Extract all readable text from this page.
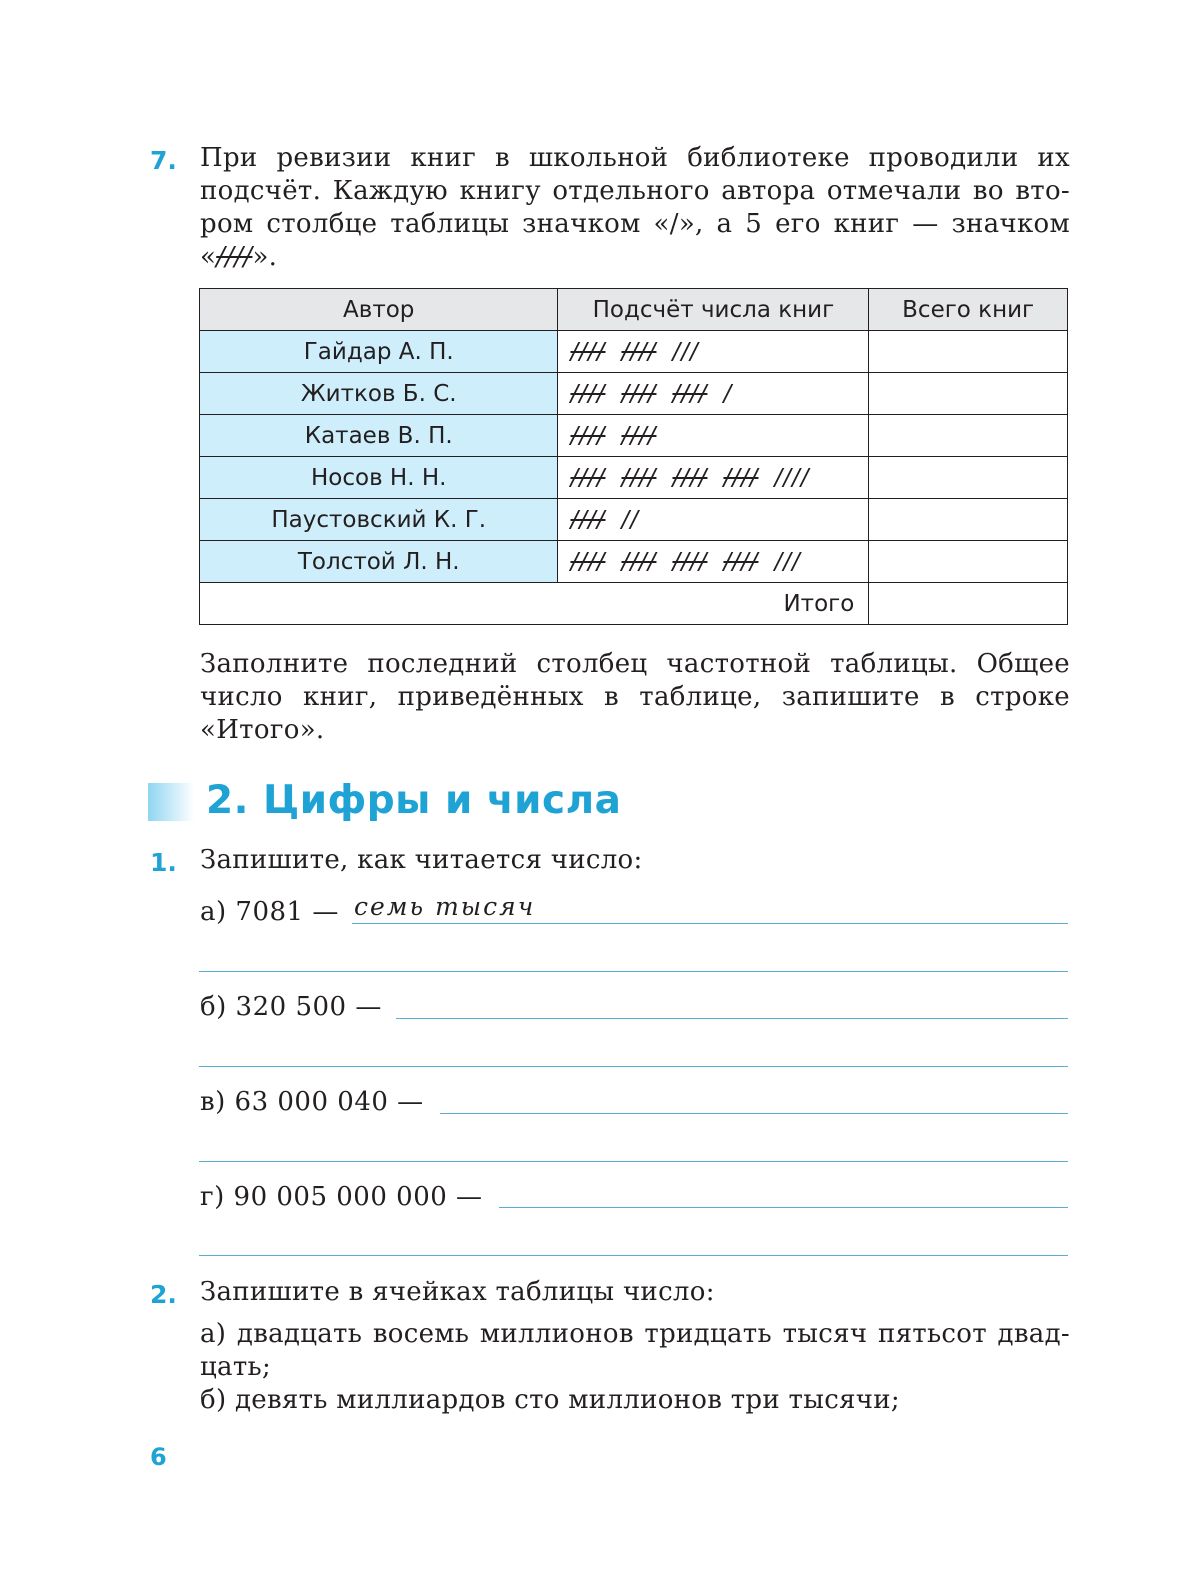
7. При ревизии книг в школьной библиотеке проводили их
подсчёт. Каждую книгу отдельного автора отмечали во вто-
ром столбце таблицы значком «/», а 5 его книг — значком
«////».
Автор	Подсчёт числа книг	Всего книг
Гайдар А. П.	//// //// ///	
Житков Б. С.	//// //// //// /	
Катаев В. П.	//// ////	
Носов Н. Н.	//// //// //// //// ////	
Паустовский К. Г.	//// //	
Толстой Л. Н.	//// //// //// //// ///	
Итого		
Заполните последний столбец частотной таблицы. Общее
число книг, приведённых в таблице, запишите в строке
«Итого».
2. Цифры и числа
1. Запишите, как читается число:
а) 7081 — семь тысяч
б) 320 500 —
в) 63 000 040 —
г) 90 005 000 000 —
2. Запишите в ячейках таблицы число:
а) двадцать восемь миллионов тридцать тысяч пятьсот двад-
цать;
б) девять миллиардов сто миллионов три тысячи;
6
